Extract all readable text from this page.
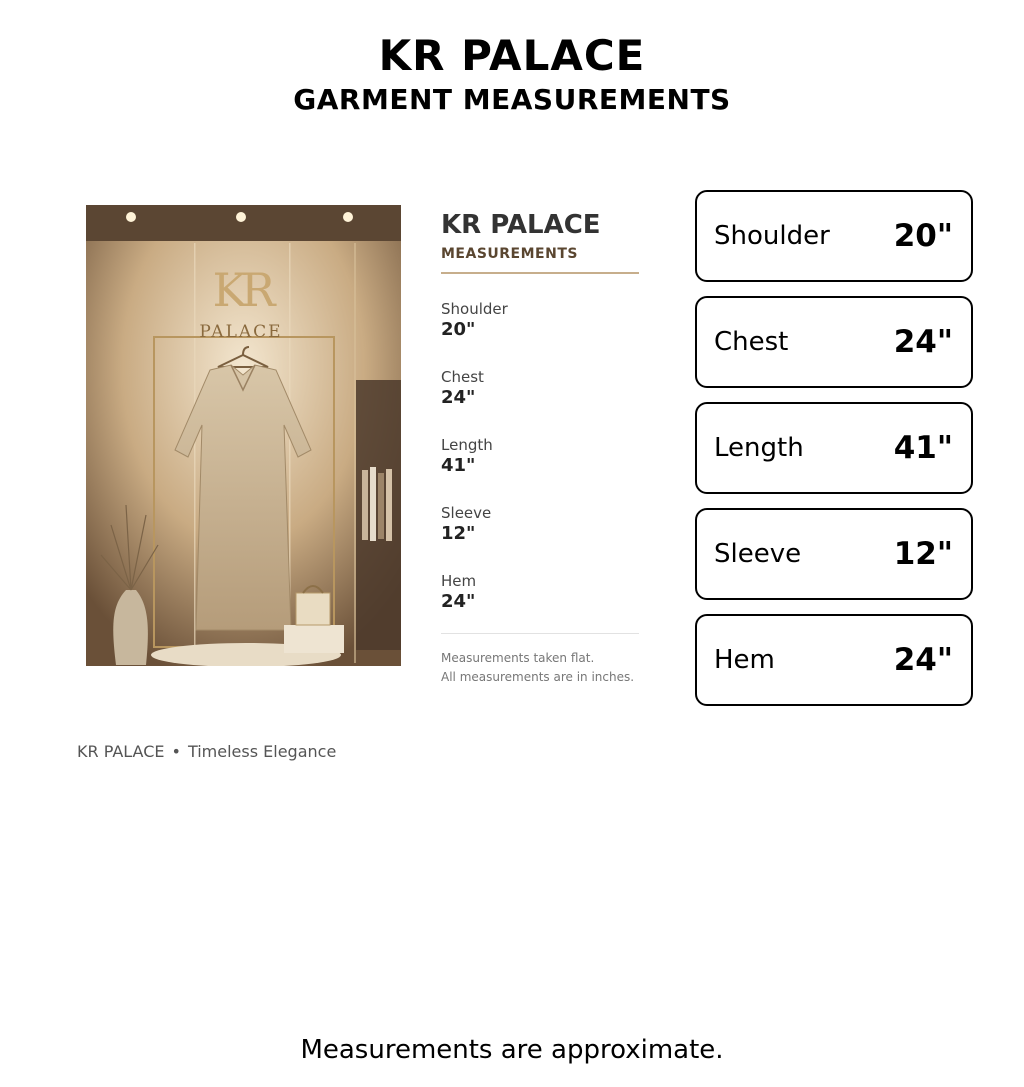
KR PALACE
GARMENT MEASUREMENTS
KR
PALACE
KR PALACE
MEASUREMENTS
Shoulder
20"
Chest
24"
Length
41"
Sleeve
12"
Hem
24"
Measurements taken flat.
All measurements are in inches.
Shoulder 20"
Chest	24"
Length	41"
Sleeve	12"
Hem	24"
KR PALACE • Timeless Elegance
Measurements are approximate.
